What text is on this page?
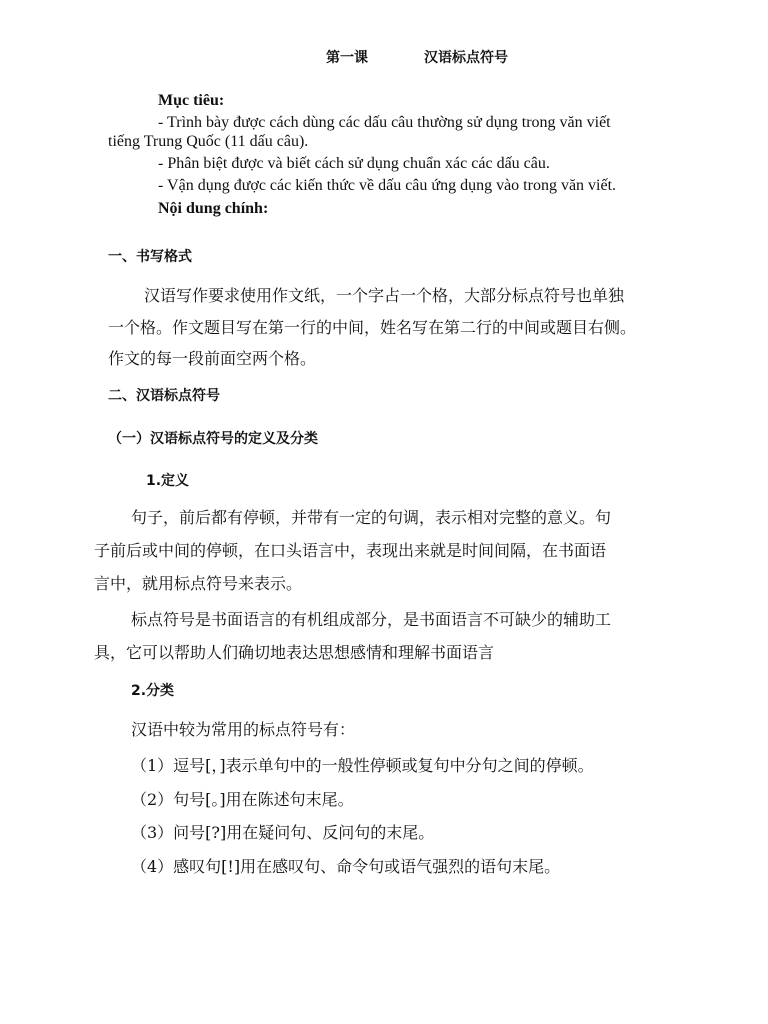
第一课	汉语标点符号
Mục tiêu:
- Trình bày được cách dùng các dấu câu thường sử dụng trong văn viết
tiếng Trung Quốc (11 dấu câu).
- Phân biệt được và biết cách sử dụng chuẩn xác các dấu câu.
- Vận dụng được các kiến thức về dấu câu ứng dụng vào trong văn viết.
Nội dung chính:
一、书写格式
汉语写作要求使用作文纸，一个字占一个格，大部分标点符号也单独
一个格。作文题目写在第一行的中间，姓名写在第二行的中间或题目右侧。
作文的每一段前面空两个格。
二、汉语标点符号
（一）汉语标点符号的定义及分类
1.定义
句子，前后都有停顿，并带有一定的句调，表示相对完整的意义。句
子前后或中间的停顿，在口头语言中，表现出来就是时间间隔，在书面语
言中，就用标点符号来表示。
标点符号是书面语言的有机组成部分，是书面语言不可缺少的辅助工
具，它可以帮助人们确切地表达思想感情和理解书面语言
2.分类
汉语中较为常用的标点符号有：
（1）逗号[，]表示单句中的一般性停顿或复句中分句之间的停顿。
（2）句号[。]用在陈述句末尾。
（3）问号[?]用在疑问句、反问句的末尾。
（4）感叹句[!]用在感叹句、命令句或语气强烈的语句末尾。
